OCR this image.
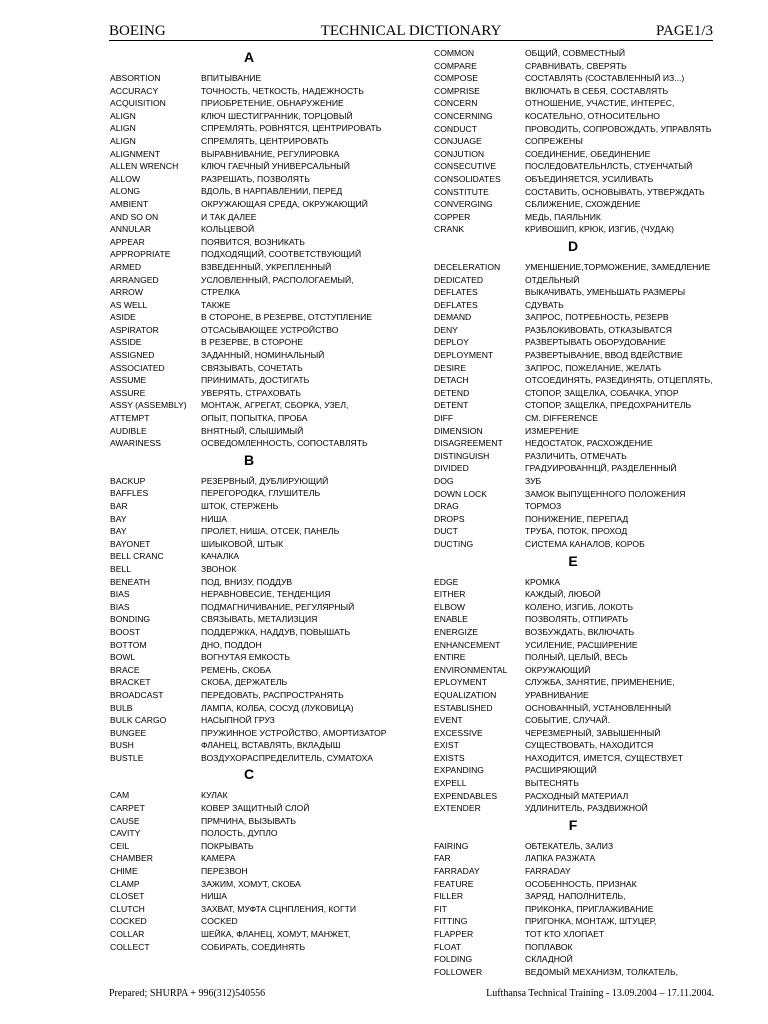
BOEING	TECHNICAL DICTIONARY	PAGE1/3
A
ABSORTION	ВПИТЫВАНИЕ
ACCURACY	ТОЧНОСТЬ, ЧЕТКОСТЬ, НАДЕЖНОСТЬ
ACQUISITION	ПРИОБРЕТЕНИЕ, ОБНАРУЖЕНИЕ
ALIGN	КЛЮЧ ШЕСТИГРАННИК, ТОРЦОВЫЙ
ALIGN	СПРЕМЛЯТЬ, РОВНЯТСЯ, ЦЕНТРИРОВАТЬ
ALIGN	СПРЕМЛЯТЬ, ЦЕНТРИРОВАТЬ
ALIGNMENT	ВЫРАВНИВАНИЕ, РЕГУЛИРОВКА
ALLEN WRENCH	КЛЮЧ ГАЕЧНЫЙ УНИВЕРСАЛЬНЫЙ
ALLOW	РАЗРЕШАТЬ, ПОЗВОЛЯТЬ
ALONG	ВДОЛЬ, В НАРПАВЛЕНИИ, ПЕРЕД
AMBIENT	ОКРУЖАЮЩАЯ СРЕДА, ОКРУЖАЮЩИЙ
AND SO ON	И ТАК ДАЛЕЕ
ANNULAR	КОЛЬЦЕВОЙ
APPEAR	ПОЯВИТСЯ, ВОЗНИКАТЬ
APPROPRIATE	ПОДХОДЯЩИЙ, СООТВЕТСТВУЮЩИЙ
ARMED	ВЗВЕДЕННЫЙ, УКРЕПЛЕННЫЙ
ARRANGED	УСЛОВЛЕННЫЙ, РАСПОЛОГАЕМЫЙ,
ARROW	СТРЕЛКА
AS WELL	ТАКЖЕ
ASIDE	В СТОРОНЕ, В РЕЗЕРВЕ, ОТСТУПЛЕНИЕ
ASPIRATOR	ОТСАСЫВАЮЩЕЕ УСТРОЙСТВО
ASSIDE	В РЕЗЕРВЕ, В СТОРОНЕ
ASSIGNED	ЗАДАННЫЙ, НОМИНАЛЬНЫЙ
ASSOCIATED	СВЯЗЫВАТЬ, СОЧЕТАТЬ
ASSUME	ПРИНИМАТЬ, ДОСТИГАТЬ
ASSURE	УВЕРЯТЬ, СТРАХОВАТЬ
ASSY (ASSEMBLY)	МОНТАЖ, АГРЕГАТ, СБОРКА, УЗЕЛ,
ATTEMPT	ОПЫТ, ПОПЫТКА, ПРОБА
AUDIBLE	ВНЯТНЫЙ, СЛЫШИМЫЙ
AWARINESS	ОСВЕДОМЛЕННОСТЬ, СОПОСТАВЛЯТЬ
B
BACKUP	РЕЗЕРВНЫЙ, ДУБЛИРУЮЩИЙ
BAFFLES	ПЕРЕГОРОДКА, ГЛУШИТЕЛЬ
BAR	ШТОК, СТЕРЖЕНЬ
BAY	НИША
BAY	ПРОЛЕТ, НИША, ОТСЕК, ПАНЕЛЬ
BAYONET	ШИЫКОВОЙ, ШТЫК
BELL CRANC	КАЧАЛКА
BELL	ЗВОНОК
BENEATH	ПОД, ВНИЗУ, ПОДДУВ
BIAS	НЕРАВНОВЕСИЕ, ТЕНДЕНЦИЯ
BIAS	ПОДМАГНИЧИВАНИЕ, РЕГУЛЯРНЫЙ
BONDING	СВЯЗЫВАТЬ, МЕТАЛИЗЦИЯ
BOOST	ПОДДЕРЖКА, НАДДУВ, ПОВЫШАТЬ
BOTTOM	ДНО, ПОДДОН
BOWL	ВОГНУТАЯ ЕМКОСТЬ
BRACE	РЕМЕНЬ, СКОБА
BRACKET	СКОБА, ДЕРЖАТЕЛЬ
BROADCAST	ПЕРЕДОВАТЬ, РАСПРОСТРАНЯТЬ
BULB	ЛАМПА, КОЛБА, СОСУД (ЛУКОВИЦА)
BULK CARGO	НАСЫПНОЙ ГРУЗ
BUNGEE	ПРУЖИННОЕ УСТРОЙСТВО, АМОРТИЗАТОР
BUSH	ФЛАНЕЦ, ВСТАВЛЯТЬ, ВКЛАДЫШ
BUSTLE	ВОЗДУХОРАСПРЕДЕЛИТЕЛЬ, СУМАТОХА
C
CAM	КУЛАК
CARPET	КОВЕР ЗАЩИТНЫЙ СЛОЙ
CAUSE	ПРМЧИНА, ВЫЗЫВАТЬ
CAVITY	ПОЛОСТЬ, ДУПЛО
CEIL	ПОКРЫВАТЬ
CHAMBER	КАМЕРА
CHIME	ПЕРЕЗВОН
CLAMP	ЗАЖИМ, ХОМУТ, СКОБА
CLOSET	НИША
CLUTCH	ЗАХВАТ, МУФТА СЦНПЛЕНИЯ, КОГТИ
COCKED	COCKED
COLLAR	ШЕЙКА, ФЛАНЕЦ, ХОМУТ, МАНЖЕТ,
COLLECT	СОБИРАТЬ, СОЕДИНЯТЬ
COMMON	ОБЩИЙ, СОВМЕСТНЫЙ
COMPARE	СРАВНИВАТЬ, СВЕРЯТЬ
COMPOSE	СОСТАВЛЯТЬ (СОСТАВЛЕННЫЙ ИЗ...)
COMPRISE	ВКЛЮЧАТЬ В СЕБЯ, СОСТАВЛЯТЬ
CONCERN	ОТНОШЕНИЕ, УЧАСТИЕ, ИНТЕРЕС,
CONCERNING	КОСАТЕЛЬНО, ОТНОСИТЕЛЬНО
CONDUCT	ПРОВОДИТЬ, СОПРОВОЖДАТЬ, УПРАВЛЯТЬ
CONJUAGE	СОПРЕЖЕНЫ
CONJUTION	СОЕДИНЕНИЕ, ОБЕДИНЕНИЕ
CONSECUTIVE	ПОСЛЕДОВАТЕЛЬНЛСТЬ, СТУЕНЧАТЫЙ
CONSOLIDATES	ОБЪЕДИНЯЕТСЯ, УСИЛИВАТЬ
CONSTITUTE	СОСТАВИТЬ, ОСНОВЫВАТЬ, УТВЕРЖДАТЬ
CONVERGING	СБЛИЖЕНИЕ, СХОЖДЕНИЕ
COPPER	МЕДЬ, ПАЯЛЬНИК
CRANK	КРИВОШИП, КРЮК, ИЗГИБ, (ЧУДАК)
D
DECELERATION	УМЕНШЕНИЕ,ТОРМОЖЕНИЕ, ЗАМЕДЛЕНИЕ
DEDICATED	ОТДЕЛЬНЫЙ
DEFLATES	ВЫКАЧИВАТЬ, УМЕНЬШАТЬ РАЗМЕРЫ
DEFLATES	СДУВАТЬ
DEMAND	ЗАПРОС, ПОТРЕБНОСТЬ, РЕЗЕРВ
DENY	РАЗБЛОКИВОВАТЬ, ОТКАЗЫВАТСЯ
DEPLOY	РАЗВЕРТЫВАТЬ ОБОРУДОВАНИЕ
DEPLOYMENT	РАЗВЕРТЫВАНИЕ, ВВОД ВДЕЙСТВИЕ
DESIRE	ЗАПРОС, ПОЖЕЛАНИЕ, ЖЕЛАТЬ
DETACH	ОТСОЕДИНЯТЬ, РАЗЕДИНЯТЬ, ОТЦЕПЛЯТЬ,
DETEND	СТОПОР, ЗАЩЕЛКА, СОБАЧКА, УПОР
DETENT	СТОПОР, ЗАЩЕЛКА, ПРЕДОХРАНИТЕЛЬ
DIFF	СМ. DIFFERENCE
DIMENSION	ИЗМЕРЕНИЕ
DISAGREEMENT	НЕДОСТАТОК, РАСХОЖДЕНИЕ
DISTINGUISH	РАЗЛИЧИТЬ, ОТМЕЧАТЬ
DIVIDED	ГРАДУИРОВАННЦЙ, РАЗДЕЛЕННЫЙ
DOG	ЗУБ
DOWN LOCK	ЗАМОК ВЫПУЩЕННОГО ПОЛОЖЕНИЯ
DRAG	ТОРМОЗ
DROPS	ПОНИЖЕНИЕ, ПЕРЕПАД
DUCT	ТРУБА, ПОТОК, ПРОХОД
DUCTING	СИСТЕМА КАНАЛОВ, КОРОБ
E
EDGE	КРОМКА
EITHER	КАЖДЫЙ, ЛЮБОЙ
ELBOW	КОЛЕНО, ИЗГИБ, ЛОКОТЬ
ENABLE	ПОЗВОЛЯТЬ, ОТПИРАТЬ
ENERGIZE	ВОЗБУЖДАТЬ, ВКЛЮЧАТЬ
ENHANCEMENT	УСИЛЕНИЕ, РАСШИРЕНИЕ
ENTIRE	ПОЛНЫЙ, ЦЕЛЫЙ, ВЕСЬ
ENVIRONMENTAL	ОКРУЖАЮЩИЙ
EPLOYMENT	СЛУЖБА, ЗАНЯТИЕ, ПРИМЕНЕНИЕ,
EQUALIZATION	УРАВНИВАНИЕ
ESTABLISHED	ОСНОВАННЫЙ, УСТАНОВЛЕННЫЙ
EVENT	СОБЫТИЕ, СЛУЧАЙ.
EXCESSIVE	ЧЕРЕЗМЕРНЫЙ, ЗАВЫШЕННЫЙ
EXIST	СУЩЕСТВОВАТЬ, НАХОДИТСЯ
EXISTS	НАХОДИТСЯ, ИМЕТСЯ, СУЩЕСТВУЕТ
EXPANDING	РАСШИРЯЮЩИЙ
EXPELL	ВЫТЕСНЯТЬ
EXPENDABLES	РАСХОДНЫЙ МАТЕРИАЛ
EXTENDER	УДЛИНИТЕЛЬ, РАЗДВИЖНОЙ
F
FAIRING	ОБТЕКАТЕЛЬ, ЗАЛИЗ
FAR	ЛАПКА РАЗЖАТА
FARRADAY	FARRADAY
FEATURE	ОСОБЕННОСТЬ, ПРИЗНАК
FILLER	ЗАРЯД, НАПОЛНИТЕЛЬ,
FIT	ПРИКОНКА, ПРИГЛАЖИВАНИЕ
FITTING	ПРИГОНКА, МОНТАЖ, ШТУЦЕР,
FLAPPER	ТОТ КТО ХЛОПАЕТ
FLOAT	ПОПЛАВОК
FOLDING	СКЛАДНОЙ
FOLLOWER	ВЕДОМЫЙ МЕХАНИЗМ, ТОЛКАТЕЛЬ,
Prepared; SHURPA + 996(312)540556	Lufthansa Technical Training - 13.09.2004 – 17.11.2004.
